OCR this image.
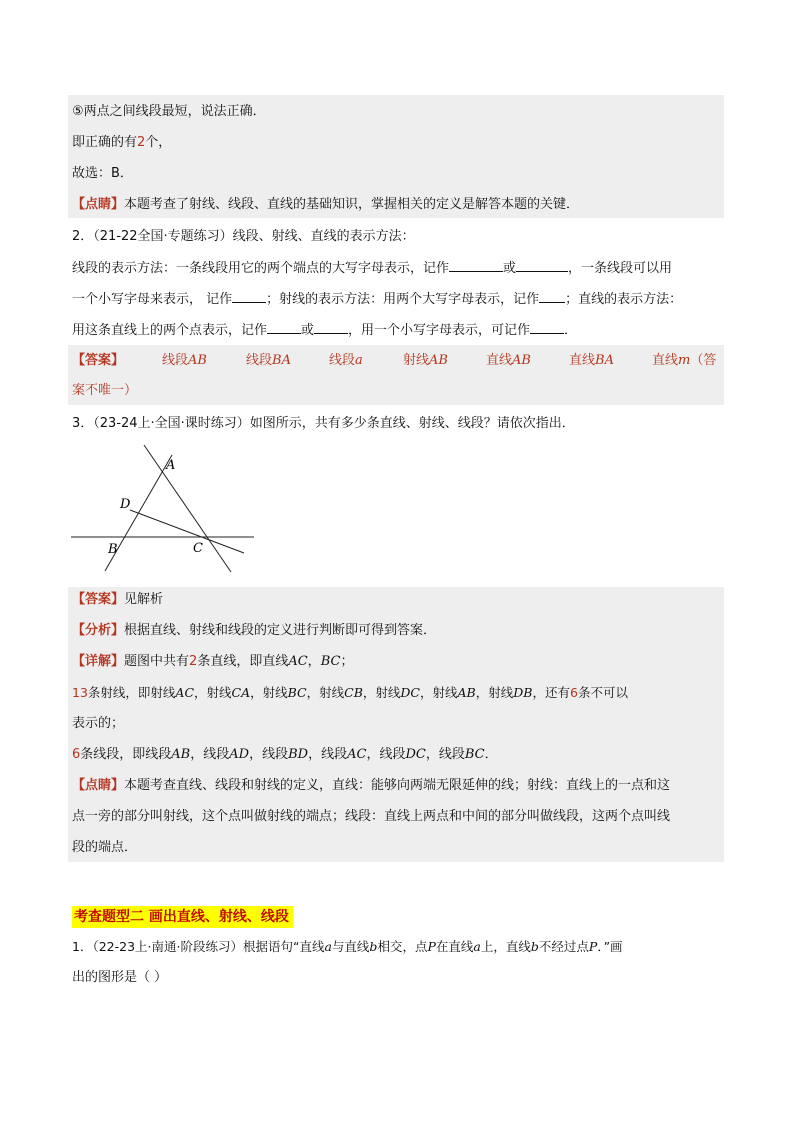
⑤两点之间线段最短，说法正确．
即正确的有2个，
故选：B．
【点睛】本题考查了射线、线段、直线的基础知识，掌握相关的定义是解答本题的关键．
2．（21-22全国·专题练习）线段、射线、直线的表示方法：
线段的表示方法：一条线段用它的两个端点的大写字母表示，记作	或	，一条线段可以用
一个小写字母来表示， 记作	；射线的表示方法：用两个大写字母表示，记作 ；直线的表示方法：
用这条直线上的两个点表示，记作	或	，用一个小写字母表示，可记作	．
【答案】	线段AB	线段BA	线段a	射线AB	直线AB	直线BA	直线m（答
案不唯一）
3．（23-24上·全国·课时练习）如图所示，共有多少条直线、射线、线段？请依次指出．
A
D
B	C
【答案】见解析
【分析】根据直线、射线和线段的定义进行判断即可得到答案．
【详解】题图中共有2条直线，即直线AC，BC；
13条射线，即射线AC，射线CA，射线BC，射线CB，射线DC，射线AB，射线DB，还有6条不可以
表示的；
6条线段，即线段AB，线段AD，线段BD，线段AC，线段DC，线段BC．
【点睛】本题考查直线、线段和射线的定义，直线：能够向两端无限延伸的线；射线：直线上的一点和这
点一旁的部分叫射线，这个点叫做射线的端点；线段：直线上两点和中间的部分叫做线段，这两个点叫线
段的端点．
考查题型二 画出直线、射线、线段
1．（22-23上·南通·阶段练习）根据语句“直线a与直线b相交，点P在直线a上，直线b不经过点P．”画
出的图形是（ ）
